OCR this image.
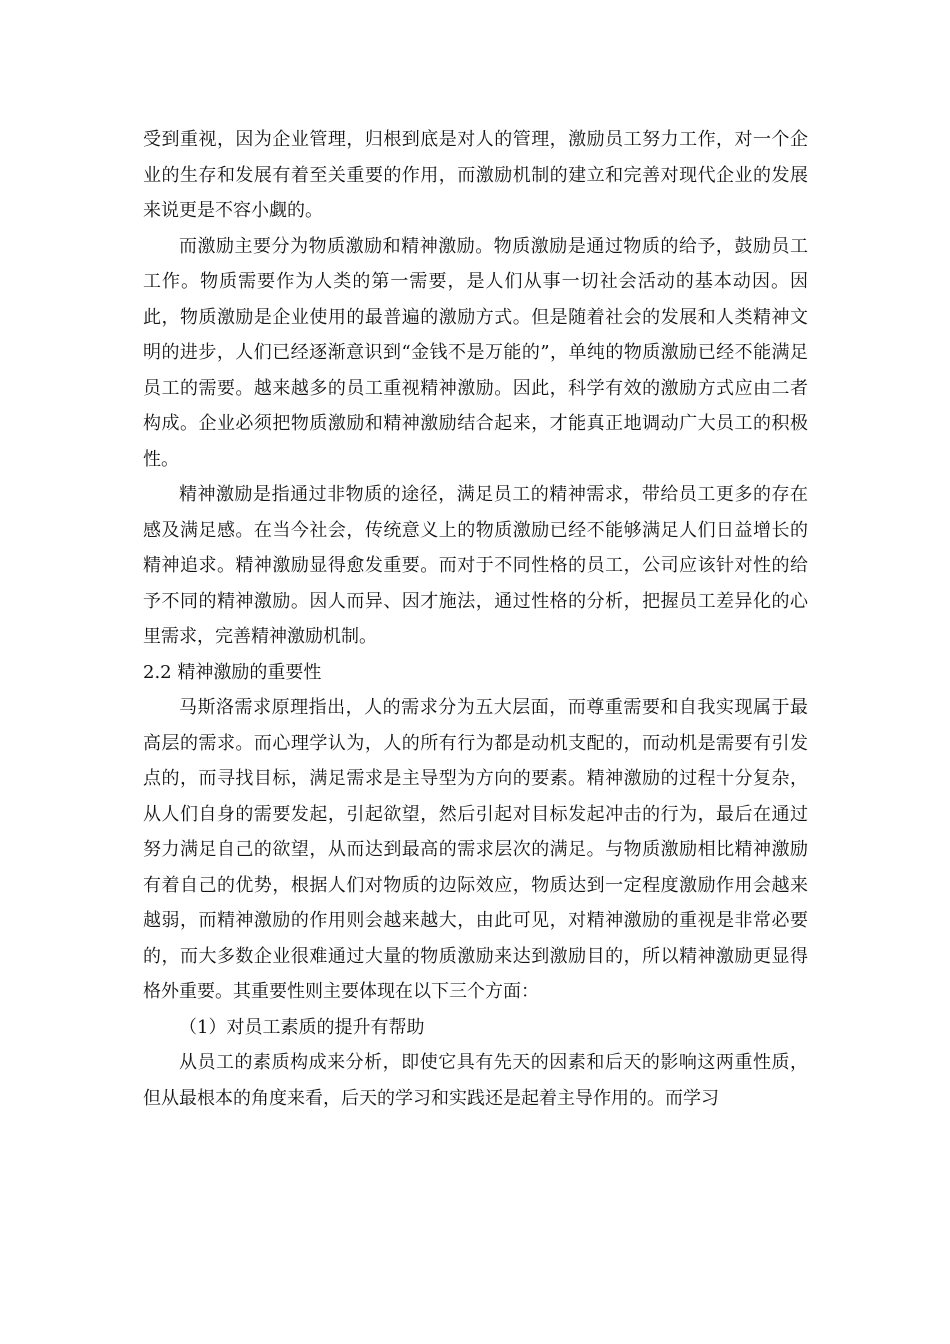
受到重视，因为企业管理，归根到底是对人的管理，激励员工努力工作，对一个企业的生存和发展有着至关重要的作用，而激励机制的建立和完善对现代企业的发展来说更是不容小觑的。

而激励主要分为物质激励和精神激励。物质激励是通过物质的给予，鼓励员工工作。物质需要作为人类的第一需要，是人们从事一切社会活动的基本动因。因此，物质激励是企业使用的最普遍的激励方式。但是随着社会的发展和人类精神文明的进步，人们已经逐渐意识到“金钱不是万能的”，单纯的物质激励已经不能满足员工的需要。越来越多的员工重视精神激励。因此，科学有效的激励方式应由二者构成。企业必须把物质激励和精神激励结合起来，才能真正地调动广大员工的积极性。

精神激励是指通过非物质的途径，满足员工的精神需求，带给员工更多的存在感及满足感。在当今社会，传统意义上的物质激励已经不能够满足人们日益增长的精神追求。精神激励显得愈发重要。而对于不同性格的员工，公司应该针对性的给予不同的精神激励。因人而异、因才施法，通过性格的分析，把握员工差异化的心里需求，完善精神激励机制。

2.2 精神激励的重要性

马斯洛需求原理指出，人的需求分为五大层面，而尊重需要和自我实现属于最高层的需求。而心理学认为，人的所有行为都是动机支配的，而动机是需要有引发点的，而寻找目标，满足需求是主导型为方向的要素。精神激励的过程十分复杂，从人们自身的需要发起，引起欲望，然后引起对目标发起冲击的行为，最后在通过努力满足自己的欲望，从而达到最高的需求层次的满足。与物质激励相比精神激励有着自己的优势，根据人们对物质的边际效应，物质达到一定程度激励作用会越来越弱，而精神激励的作用则会越来越大，由此可见，对精神激励的重视是非常必要的，而大多数企业很难通过大量的物质激励来达到激励目的，所以精神激励更显得格外重要。其重要性则主要体现在以下三个方面：

（1）对员工素质的提升有帮助

从员工的素质构成来分析，即使它具有先天的因素和后天的影响这两重性质，但从最根本的角度来看，后天的学习和实践还是起着主导作用的。而学习
